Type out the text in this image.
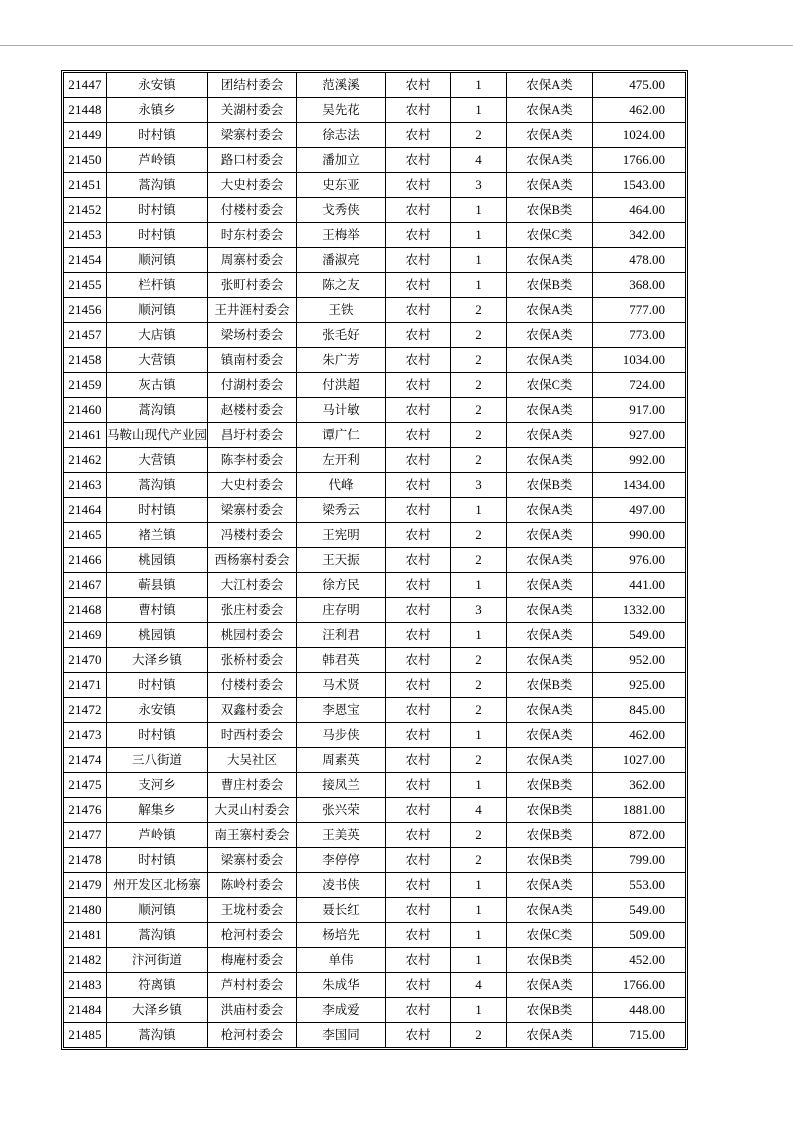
21447	永安镇	团结村委会	范溪溪	农村	1	农保A类	475.00
21448	永镇乡	关湖村委会	吴先花	农村	1	农保A类	462.00
21449	时村镇	梁寨村委会	徐志法	农村	2	农保A类	1024.00
21450	芦岭镇	路口村委会	潘加立	农村	4	农保A类	1766.00
21451	蒿沟镇	大史村委会	史东亚	农村	3	农保A类	1543.00
21452	时村镇	付楼村委会	戈秀侠	农村	1	农保B类	464.00
21453	时村镇	时东村委会	王梅举	农村	1	农保C类	342.00
21454	顺河镇	周寨村委会	潘淑亮	农村	1	农保A类	478.00
21455	栏杆镇	张町村委会	陈之友	农村	1	农保B类	368.00
21456	顺河镇	王井涯村委会	王铁	农村	2	农保A类	777.00
21457	大店镇	梁场村委会	张毛好	农村	2	农保A类	773.00
21458	大营镇	镇南村委会	朱广芳	农村	2	农保A类	1034.00
21459	灰古镇	付湖村委会	付洪超	农村	2	农保C类	724.00
21460	蒿沟镇	赵楼村委会	马计敏	农村	2	农保A类	917.00
21461	马鞍山现代产业园	昌圩村委会	谭广仁	农村	2	农保A类	927.00
21462	大营镇	陈李村委会	左开利	农村	2	农保A类	992.00
21463	蒿沟镇	大史村委会	代峰	农村	3	农保B类	1434.00
21464	时村镇	梁寨村委会	梁秀云	农村	1	农保A类	497.00
21465	褚兰镇	冯楼村委会	王宪明	农村	2	农保A类	990.00
21466	桃园镇	西杨寨村委会	王天振	农村	2	农保A类	976.00
21467	蕲县镇	大江村委会	徐方民	农村	1	农保A类	441.00
21468	曹村镇	张庄村委会	庄存明	农村	3	农保A类	1332.00
21469	桃园镇	桃园村委会	汪利君	农村	1	农保A类	549.00
21470	大泽乡镇	张桥村委会	韩君英	农村	2	农保A类	952.00
21471	时村镇	付楼村委会	马术贤	农村	2	农保B类	925.00
21472	永安镇	双鑫村委会	李恩宝	农村	2	农保A类	845.00
21473	时村镇	时西村委会	马步侠	农村	1	农保A类	462.00
21474	三八街道	大吴社区	周素英	农村	2	农保A类	1027.00
21475	支河乡	曹庄村委会	接凤兰	农村	1	农保B类	362.00
21476	解集乡	大灵山村委会	张兴荣	农村	4	农保B类	1881.00
21477	芦岭镇	南王寨村委会	王美英	农村	2	农保B类	872.00
21478	时村镇	梁寨村委会	李停停	农村	2	农保B类	799.00
21479	州开发区北杨寨	陈岭村委会	凌书侠	农村	1	农保A类	553.00
21480	顺河镇	王垅村委会	聂长红	农村	1	农保A类	549.00
21481	蒿沟镇	枪河村委会	杨培先	农村	1	农保C类	509.00
21482	汴河街道	梅庵村委会	单伟	农村	1	农保B类	452.00
21483	符离镇	芦村村委会	朱成华	农村	4	农保A类	1766.00
21484	大泽乡镇	洪庙村委会	李成爱	农村	1	农保B类	448.00
21485	蒿沟镇	枪河村委会	李国同	农村	2	农保A类	715.00
